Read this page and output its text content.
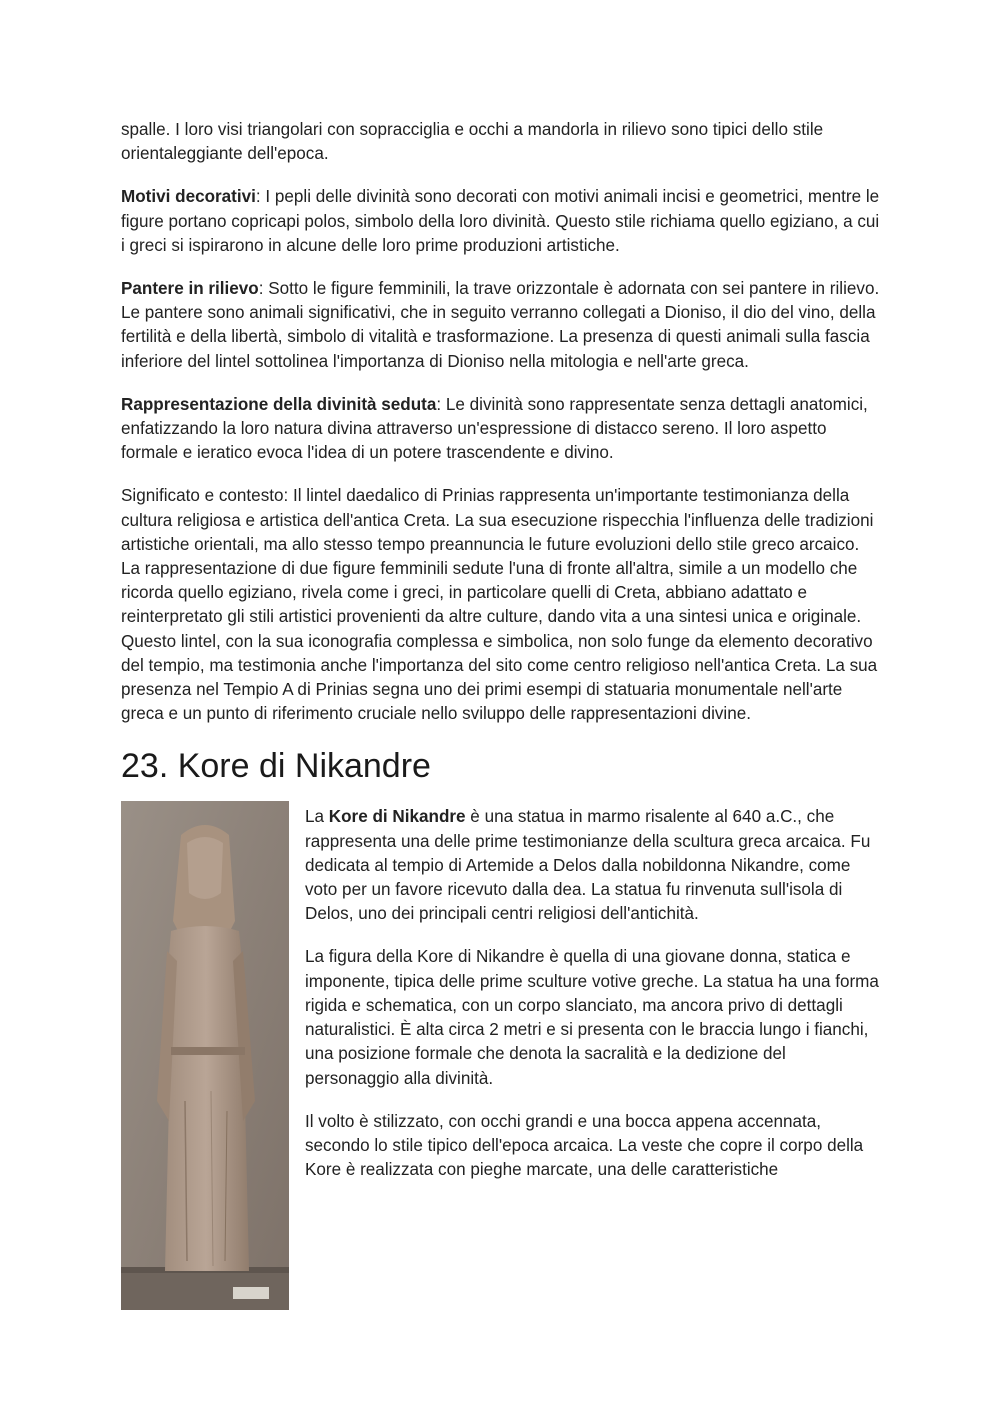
spalle. I loro visi triangolari con sopracciglia e occhi a mandorla in rilievo sono tipici dello stile orientaleggiante dell'epoca.

Motivi decorativi: I pepli delle divinità sono decorati con motivi animali incisi e geometrici, mentre le figure portano copricapi polos, simbolo della loro divinità. Questo stile richiama quello egiziano, a cui i greci si ispirarono in alcune delle loro prime produzioni artistiche.

Pantere in rilievo: Sotto le figure femminili, la trave orizzontale è adornata con sei pantere in rilievo. Le pantere sono animali significativi, che in seguito verranno collegati a Dioniso, il dio del vino, della fertilità e della libertà, simbolo di vitalità e trasformazione. La presenza di questi animali sulla fascia inferiore del lintel sottolinea l'importanza di Dioniso nella mitologia e nell'arte greca.

Rappresentazione della divinità seduta: Le divinità sono rappresentate senza dettagli anatomici, enfatizzando la loro natura divina attraverso un'espressione di distacco sereno. Il loro aspetto formale e ieratico evoca l'idea di un potere trascendente e divino.

Significato e contesto: Il lintel daedalico di Prinias rappresenta un'importante testimonianza della cultura religiosa e artistica dell'antica Creta. La sua esecuzione rispecchia l'influenza delle tradizioni artistiche orientali, ma allo stesso tempo preannuncia le future evoluzioni dello stile greco arcaico. La rappresentazione di due figure femminili sedute l'una di fronte all'altra, simile a un modello che ricorda quello egiziano, rivela come i greci, in particolare quelli di Creta, abbiano adattato e reinterpretato gli stili artistici provenienti da altre culture, dando vita a una sintesi unica e originale. Questo lintel, con la sua iconografia complessa e simbolica, non solo funge da elemento decorativo del tempio, ma testimonia anche l'importanza del sito come centro religioso nell'antica Creta. La sua presenza nel Tempio A di Prinias segna uno dei primi esempi di statuaria monumentale nell'arte greca e un punto di riferimento cruciale nello sviluppo delle rappresentazioni divine.

23. Kore di Nikandre

La Kore di Nikandre è una statua in marmo risalente al 640 a.C., che rappresenta una delle prime testimonianze della scultura greca arcaica. Fu dedicata al tempio di Artemide a Delos dalla nobildonna Nikandre, come voto per un favore ricevuto dalla dea. La statua fu rinvenuta sull'isola di Delos, uno dei principali centri religiosi dell'antichità.

La figura della Kore di Nikandre è quella di una giovane donna, statica e imponente, tipica delle prime sculture votive greche. La statua ha una forma rigida e schematica, con un corpo slanciato, ma ancora privo di dettagli naturalistici. È alta circa 2 metri e si presenta con le braccia lungo i fianchi, una posizione formale che denota la sacralità e la dedizione del personaggio alla divinità.

Il volto è stilizzato, con occhi grandi e una bocca appena accennata, secondo lo stile tipico dell'epoca arcaica. La veste che copre il corpo della Kore è realizzata con pieghe marcate, una delle caratteristiche
